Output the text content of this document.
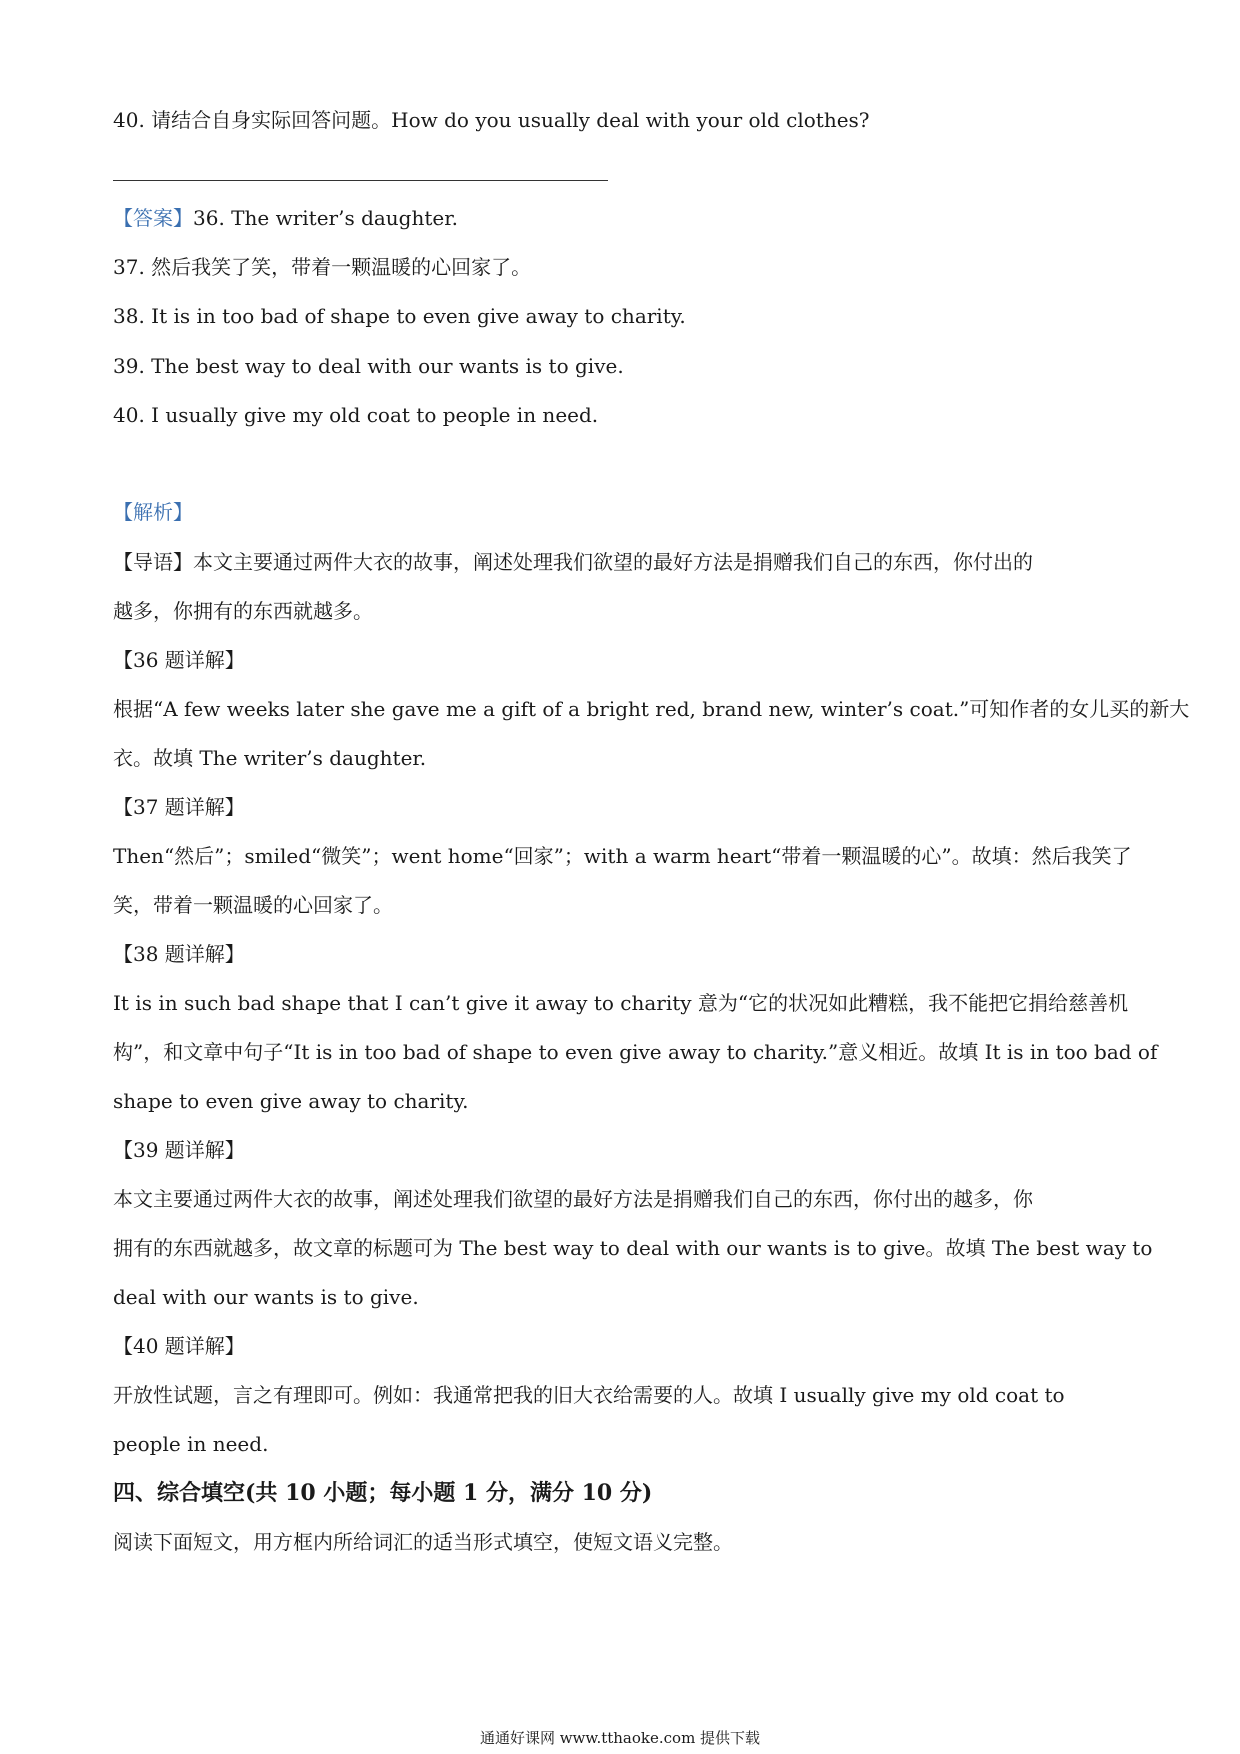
40. 请结合自身实际回答问题。How do you usually deal with your old clothes?
【答案】36. The writer’s daughter.
37. 然后我笑了笑，带着一颗温暖的心回家了。
38. It is in too bad of shape to even give away to charity.
39. The best way to deal with our wants is to give.
40. I usually give my old coat to people in need.
【解析】
【导语】本文主要通过两件大衣的故事，阐述处理我们欲望的最好方法是捐赠我们自己的东西，你付出的
越多，你拥有的东西就越多。
【36 题详解】
根据“A few weeks later she gave me a gift of a bright red, brand new, winter’s coat.”可知作者的女儿买的新大
衣。故填 The writer’s daughter.
【37 题详解】
Then“然后”；smiled“微笑”；went home“回家”；with a warm heart“带着一颗温暖的心”。故填：然后我笑了
笑，带着一颗温暖的心回家了。
【38 题详解】
It is in such bad shape that I can’t give it away to charity 意为“它的状况如此糟糕，我不能把它捐给慈善机
构”，和文章中句子“It is in too bad of shape to even give away to charity.”意义相近。故填 It is in too bad of
shape to even give away to charity.
【39 题详解】
本文主要通过两件大衣的故事，阐述处理我们欲望的最好方法是捐赠我们自己的东西，你付出的越多，你
拥有的东西就越多，故文章的标题可为 The best way to deal with our wants is to give。故填 The best way to
deal with our wants is to give.
【40 题详解】
开放性试题，言之有理即可。例如：我通常把我的旧大衣给需要的人。故填 I usually give my old coat to
people in need.
四、综合填空(共 10 小题；每小题 1 分，满分 10 分)
阅读下面短文，用方框内所给词汇的适当形式填空，使短文语义完整。
通通好课网 www.tthaoke.com 提供下载
